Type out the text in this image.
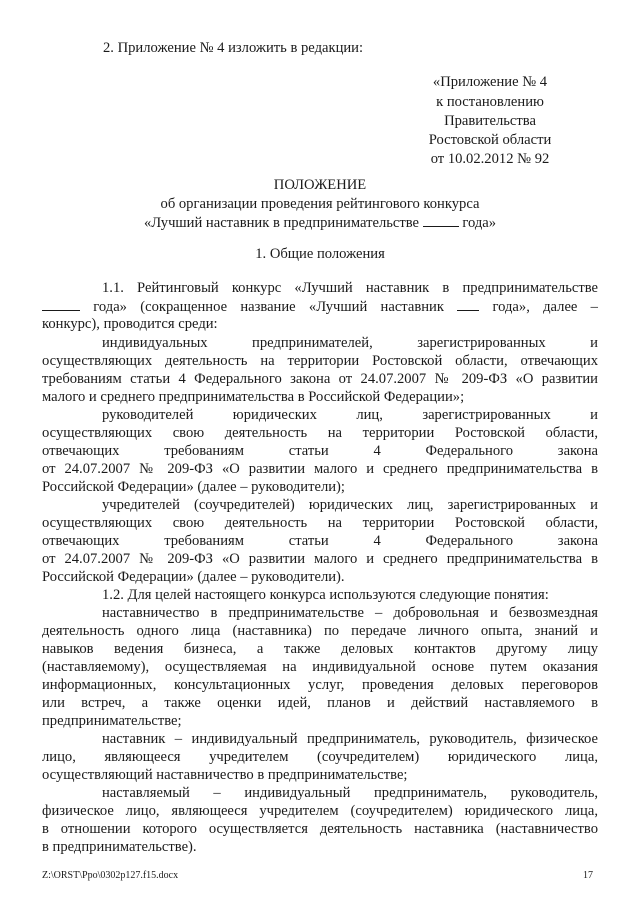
2. Приложение № 4 изложить в редакции:
«Приложение № 4
к постановлению
Правительства
Ростовской области
от 10.02.2012 № 92
ПОЛОЖЕНИЕ
об организации проведения рейтингового конкурса
«Лучший наставник в предпринимательстве	года»
1. Общие положения
1.1. Рейтинговый конкурс «Лучший наставник в предпринимательстве
года» (сокращенное название «Лучший наставник	года», далее –
конкурс), проводится среди:
индивидуальных предпринимателей, зарегистрированных и
осуществляющих деятельность на территории Ростовской области, отвечающих
требованиям статьи 4 Федерального закона от 24.07.2007 № 209-ФЗ «О развитии
малого и среднего предпринимательства в Российской Федерации»;
руководителей юридических лиц, зарегистрированных и
осуществляющих свою деятельность на территории Ростовской области,
отвечающих требованиям статьи 4 Федерального закона
от 24.07.2007 № 209-ФЗ «О развитии малого и среднего предпринимательства в
Российской Федерации» (далее – руководители);
учредителей (соучредителей) юридических лиц, зарегистрированных и
осуществляющих свою деятельность на территории Ростовской области,
отвечающих требованиям статьи 4 Федерального закона
от 24.07.2007 № 209-ФЗ «О развитии малого и среднего предпринимательства в
Российской Федерации» (далее – руководители).
1.2. Для целей настоящего конкурса используются следующие понятия:
наставничество в предпринимательстве – добровольная и безвозмездная
деятельность одного лица (наставника) по передаче личного опыта, знаний и
навыков ведения бизнеса, а также деловых контактов другому лицу
(наставляемому), осуществляемая на индивидуальной основе путем оказания
информационных, консультационных услуг, проведения деловых переговоров
или встреч, а также оценки идей, планов и действий наставляемого в
предпринимательстве;
наставник – индивидуальный предприниматель, руководитель, физическое
лицо, являющееся учредителем (соучредителем) юридического лица,
осуществляющий наставничество в предпринимательстве;
наставляемый – индивидуальный предприниматель, руководитель,
физическое лицо, являющееся учредителем (соучредителем) юридического лица,
в отношении которого осуществляется деятельность наставника (наставничество
в предпринимательстве).
Z:\ORST\Ppo\0302p127.f15.docx	17
